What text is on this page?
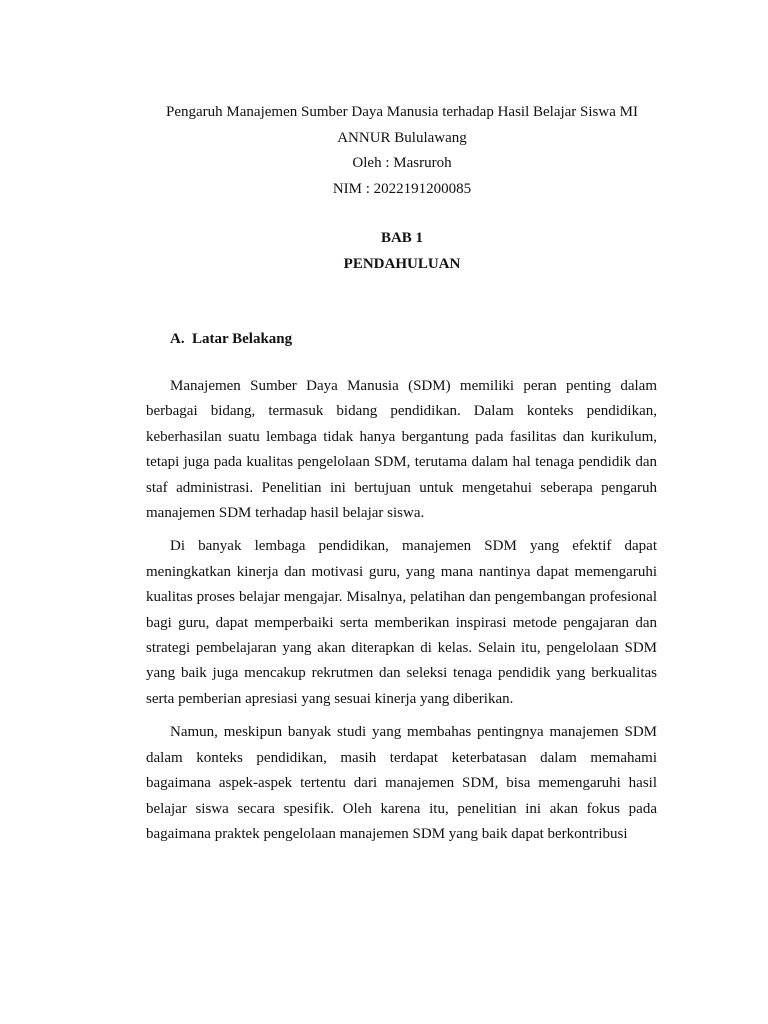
Pengaruh Manajemen Sumber Daya Manusia terhadap Hasil Belajar Siswa MI
ANNUR Bululawang
Oleh : Masruroh
NIM : 2022191200085
BAB 1
PENDAHULUAN
A. Latar Belakang

Manajemen Sumber Daya Manusia (SDM) memiliki peran penting dalam berbagai bidang, termasuk bidang pendidikan. Dalam konteks pendidikan, keberhasilan suatu lembaga tidak hanya bergantung pada fasilitas dan kurikulum, tetapi juga pada kualitas pengelolaan SDM, terutama dalam hal tenaga pendidik dan staf administrasi. Penelitian ini bertujuan untuk mengetahui seberapa pengaruh manajemen SDM terhadap hasil belajar siswa.

Di banyak lembaga pendidikan, manajemen SDM yang efektif dapat meningkatkan kinerja dan motivasi guru, yang mana nantinya dapat memengaruhi kualitas proses belajar mengajar. Misalnya, pelatihan dan pengembangan profesional bagi guru, dapat memperbaiki serta memberikan inspirasi metode pengajaran dan strategi pembelajaran yang akan diterapkan di kelas. Selain itu, pengelolaan SDM yang baik juga mencakup rekrutmen dan seleksi tenaga pendidik yang berkualitas serta pemberian apresiasi yang sesuai kinerja yang diberikan.

Namun, meskipun banyak studi yang membahas pentingnya manajemen SDM dalam konteks pendidikan, masih terdapat keterbatasan dalam memahami bagaimana aspek-aspek tertentu dari manajemen SDM, bisa memengaruhi hasil belajar siswa secara spesifik. Oleh karena itu, penelitian ini akan fokus pada bagaimana praktek pengelolaan manajemen SDM yang baik dapat berkontribusi
